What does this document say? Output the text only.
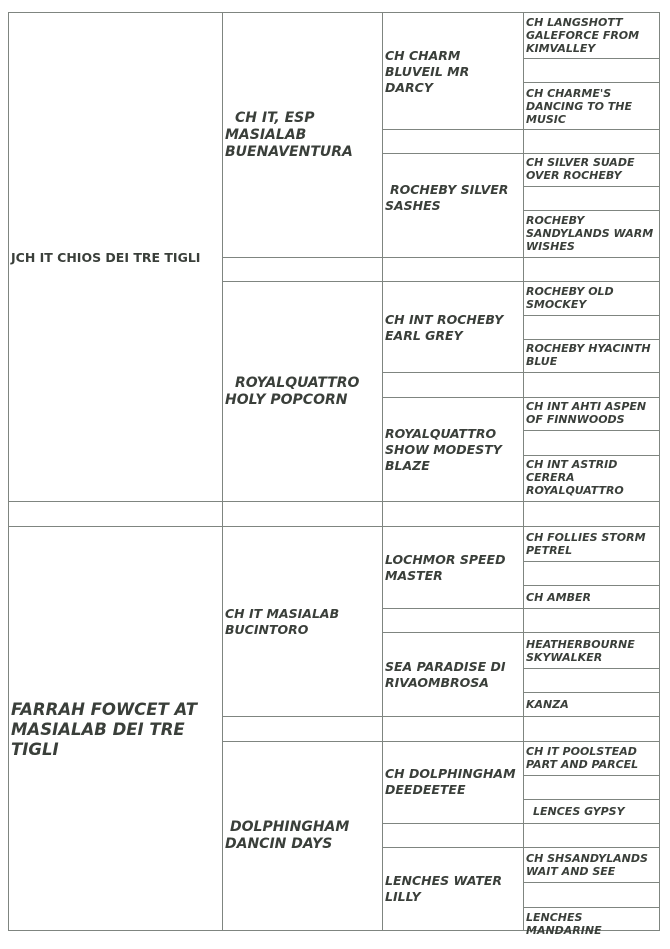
JCH IT CHIOS DEI TRE TIGLI
FARRAH FOWCET AT MASIALAB DEI TRE TIGLI
CH IT, ESP MASIALAB BUENAVENTURA
ROYALQUATTRO HOLY POPCORN
CH IT MASIALAB BUCINTORO
DOLPHINGHAM DANCIN DAYS
CH CHARM BLUVEIL MR DARCY
ROCHEBY SILVER SASHES
CH INT ROCHEBY EARL GREY
ROYALQUATTRO SHOW MODESTY BLAZE
LOCHMOR SPEED MASTER
SEA PARADISE DI RIVAOMBROSA
CH DOLPHINGHAM DEEDEETEE
LENCHES WATER LILLY
CH LANGSHOTT GALEFORCE FROM KIMVALLEY
CH CHARME'S DANCING TO THE MUSIC
CH SILVER SUADE OVER ROCHEBY
ROCHEBY SANDYLANDS WARM WISHES
ROCHEBY OLD SMOCKEY
ROCHEBY HYACINTH BLUE
CH INT AHTI ASPEN OF FINNWOODS
CH INT ASTRID CERERA ROYALQUATTRO
CH FOLLIES STORM PETREL
CH AMBER
HEATHERBOURNE SKYWALKER
KANZA
CH IT POOLSTEAD PART AND PARCEL
LENCES GYPSY
CH SHSANDYLANDS WAIT AND SEE
LENCHES MANDARINE
